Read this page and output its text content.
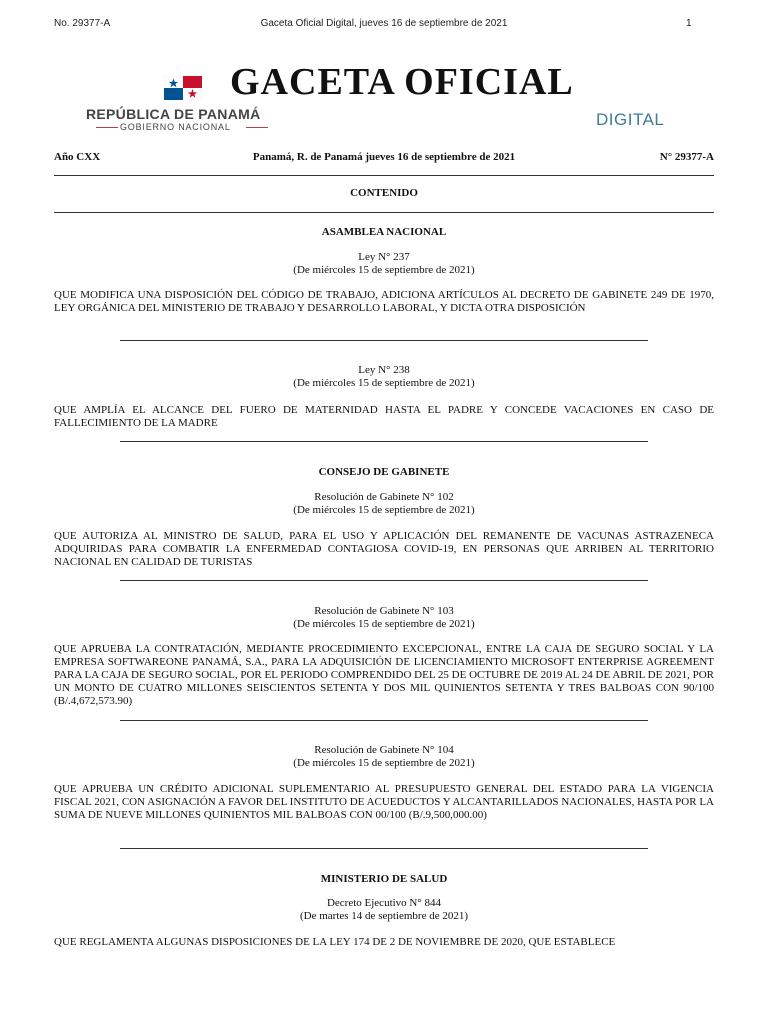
No. 29377-A	Gaceta Oficial Digital, jueves 16 de septiembre de 2021	1
GACETA OFICIAL
REPÚBLICA DE PANAMÁ
GOBIERNO NACIONAL	DIGITAL
Año CXX	Panamá, R. de Panamá jueves 16 de septiembre de 2021	N° 29377-A
CONTENIDO
ASAMBLEA NACIONAL
Ley N° 237
(De miércoles 15 de septiembre de 2021)
QUE MODIFICA UNA DISPOSICIÓN DEL CÓDIGO DE TRABAJO, ADICIONA ARTÍCULOS AL DECRETO DE GABINETE 249 DE 1970, LEY ORGÁNICA DEL MINISTERIO DE TRABAJO Y DESARROLLO LABORAL, Y DICTA OTRA DISPOSICIÓN
Ley N° 238
(De miércoles 15 de septiembre de 2021)
QUE AMPLÍA EL ALCANCE DEL FUERO DE MATERNIDAD HASTA EL PADRE Y CONCEDE VACACIONES EN CASO DE FALLECIMIENTO DE LA MADRE
CONSEJO DE GABINETE
Resolución de Gabinete N° 102
(De miércoles 15 de septiembre de 2021)
QUE AUTORIZA AL MINISTRO DE SALUD, PARA EL USO Y APLICACIÓN DEL REMANENTE DE VACUNAS ASTRAZENECA ADQUIRIDAS PARA COMBATIR LA ENFERMEDAD CONTAGIOSA COVID-19, EN PERSONAS QUE ARRIBEN AL TERRITORIO NACIONAL EN CALIDAD DE TURISTAS
Resolución de Gabinete N° 103
(De miércoles 15 de septiembre de 2021)
QUE APRUEBA LA CONTRATACIÓN, MEDIANTE PROCEDIMIENTO EXCEPCIONAL, ENTRE LA CAJA DE SEGURO SOCIAL Y LA EMPRESA SOFTWAREONE PANAMÁ, S.A., PARA LA ADQUISICIÓN DE LICENCIAMIENTO MICROSOFT ENTERPRISE AGREEMENT PARA LA CAJA DE SEGURO SOCIAL, POR EL PERIODO COMPRENDIDO DEL 25 DE OCTUBRE DE 2019 AL 24 DE ABRIL DE 2021, POR UN MONTO DE CUATRO MILLONES SEISCIENTOS SETENTA Y DOS MIL QUINIENTOS SETENTA Y TRES BALBOAS CON 90/100 (B/.4,672,573.90)
Resolución de Gabinete N° 104
(De miércoles 15 de septiembre de 2021)
QUE APRUEBA UN CRÉDITO ADICIONAL SUPLEMENTARIO AL PRESUPUESTO GENERAL DEL ESTADO PARA LA VIGENCIA FISCAL 2021, CON ASIGNACIÓN A FAVOR DEL INSTITUTO DE ACUEDUCTOS Y ALCANTARILLADOS NACIONALES, HASTA POR LA SUMA DE NUEVE MILLONES QUINIENTOS MIL BALBOAS CON 00/100 (B/.9,500,000.00)
MINISTERIO DE SALUD
Decreto Ejecutivo N° 844
(De martes 14 de septiembre de 2021)
QUE REGLAMENTA ALGUNAS DISPOSICIONES DE LA LEY 174 DE 2 DE NOVIEMBRE DE 2020, QUE ESTABLECE
